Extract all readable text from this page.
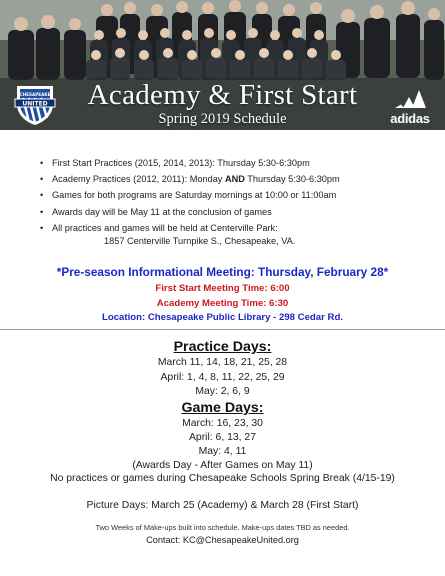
Academy & First Start
Spring 2019 Schedule
CHESAPEAKE
UNITED
adidas
• First Start Practices (2015, 2014, 2013): Thursday 5:30-6:30pm
• Academy Practices (2012, 2011): Monday AND Thursday 5:30-6:30pm
• Games for both programs are Saturday mornings at 10:00 or 11:00am
• Awards day will be May 11 at the conclusion of games
• All practices and games will be held at Centerville Park:
1857 Centerville Turnpike S., Chesapeake, VA.
*Pre-season Informational Meeting: Thursday, February 28*
First Start Meeting Time: 6:00
Academy Meeting Time: 6:30
Location: Chesapeake Public Library - 298 Cedar Rd.
Practice Days:
March 11, 14, 18, 21, 25, 28
April: 1, 4, 8, 11, 22, 25, 29
May: 2, 6, 9
Game Days:
March: 16, 23, 30
April: 6, 13, 27
May: 4, 11
(Awards Day - After Games on May 11)
No practices or games during Chesapeake Schools Spring Break (4/15-19)
Picture Days: March 25 (Academy) & March 28 (First Start)
Two Weeks of Make-ups built into schedule. Make-ups dates TBD as needed.
Contact: KC@ChesapeakeUnited.org
